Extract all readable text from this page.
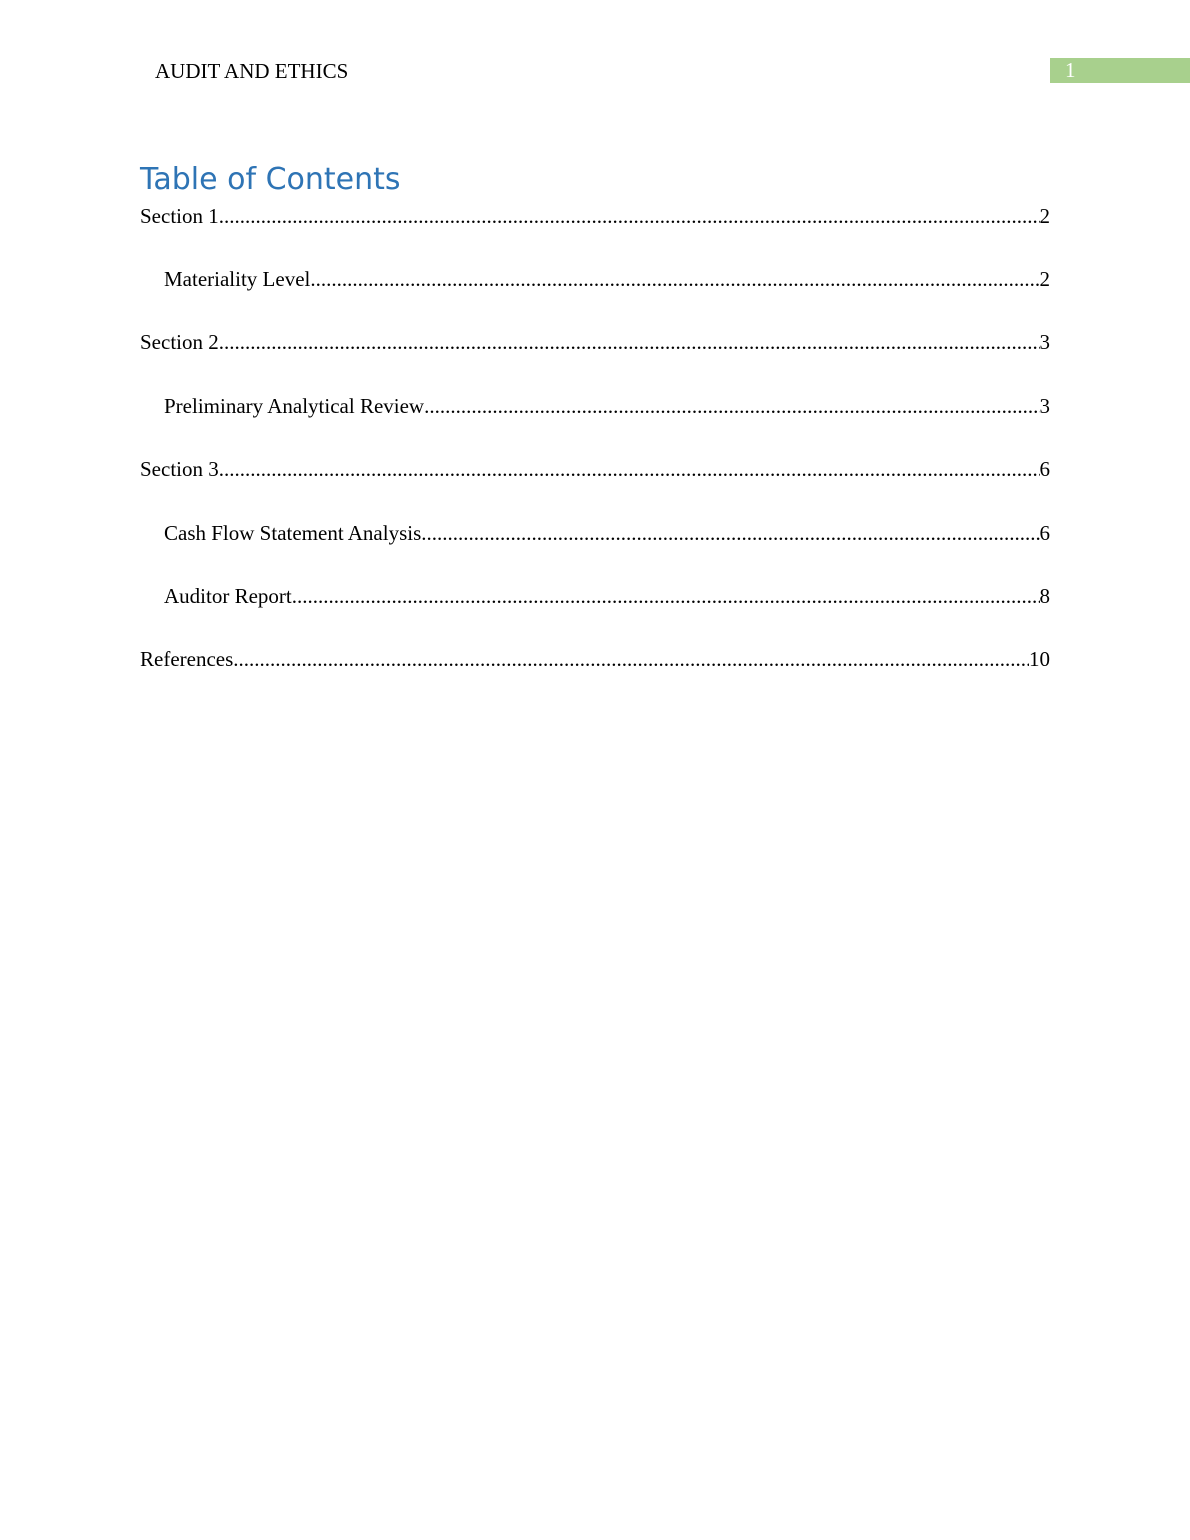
AUDIT AND ETHICS	1
Table of Contents
Section 1 .....	2
Materiality Level .....	2
Section 2 .....	3
Preliminary Analytical Review .....	3
Section 3 .....	6
Cash Flow Statement Analysis .....	6
Auditor Report .....	8
References .....	10
